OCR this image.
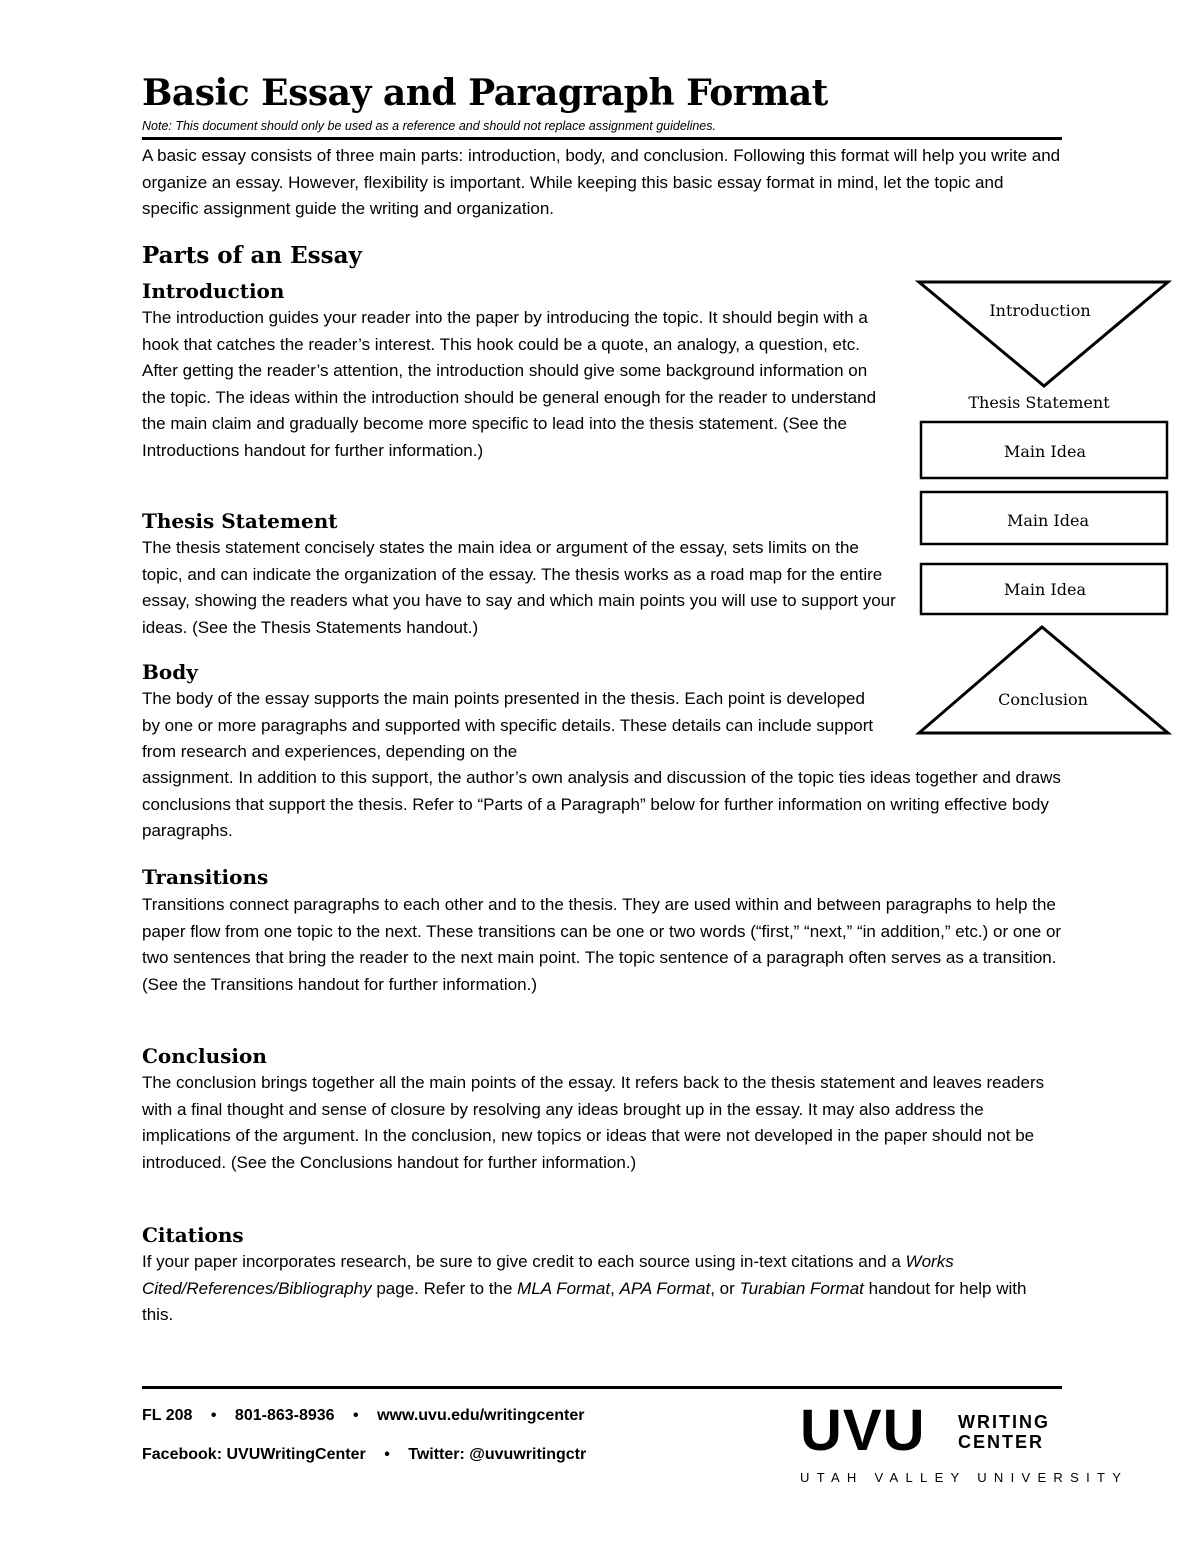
Basic Essay and Paragraph Format
Note: This document should only be used as a reference and should not replace assignment guidelines.

A basic essay consists of three main parts: introduction, body, and conclusion. Following this format will help you write and organize an essay. However, flexibility is important. While keeping this basic essay format in mind, let the topic and specific assignment guide the writing and organization.

Parts of an Essay
Introduction

The introduction guides your reader into the paper by introducing the topic. It should begin with a hook that catches the reader’s interest. This hook could be a quote, an analogy, a question, etc. After getting the reader’s attention, the introduction should give some background information on the topic. The ideas within the introduction should be general enough for the reader to understand the main claim and gradually become more specific to lead into the thesis statement. (See the Introductions handout for further information.)

Thesis Statement

The thesis statement concisely states the main idea or argument of the essay, sets limits on the topic, and can indicate the organization of the essay. The thesis works as a road map for the entire essay, showing the readers what you have to say and which main points you will use to support your ideas. (See the Thesis Statements handout.)

Body

The body of the essay supports the main points presented in the thesis. Each point is developed by one or more paragraphs and supported with specific details. These details can include support from research and experiences, depending on the

assignment. In addition to this support, the author’s own analysis and discussion of the topic ties ideas together and draws conclusions that support the thesis. Refer to “Parts of a Paragraph” below for further information on writing effective body paragraphs.

Transitions

Transitions connect paragraphs to each other and to the thesis. They are used within and between paragraphs to help the paper flow from one topic to the next. These transitions can be one or two words (“first,” “next,” “in addition,” etc.) or one or two sentences that bring the reader to the next main point. The topic sentence of a paragraph often serves as a transition. (See the Transitions handout for further information.)

Conclusion

The conclusion brings together all the main points of the essay. It refers back to the thesis statement and leaves readers with a final thought and sense of closure by resolving any ideas brought up in the essay. It may also address the implications of the argument. In the conclusion, new topics or ideas that were not developed in the paper should not be introduced. (See the Conclusions handout for further information.)

Citations

If your paper incorporates research, be sure to give credit to each source using in-text citations and a Works Cited/References/Bibliography page. Refer to the MLA Format, APA Format, or Turabian Format handout for help with this.

Introduction
Thesis Statement
Main Idea
Main Idea
Main Idea
Conclusion
FL 208 • 801-863-8936 • www.uvu.edu/writingcenter
Facebook: UVUWritingCenter • Twitter: @uvuwritingctr	UVU WRITING
CENTER
UTAH VALLEY UNIVERSITY
